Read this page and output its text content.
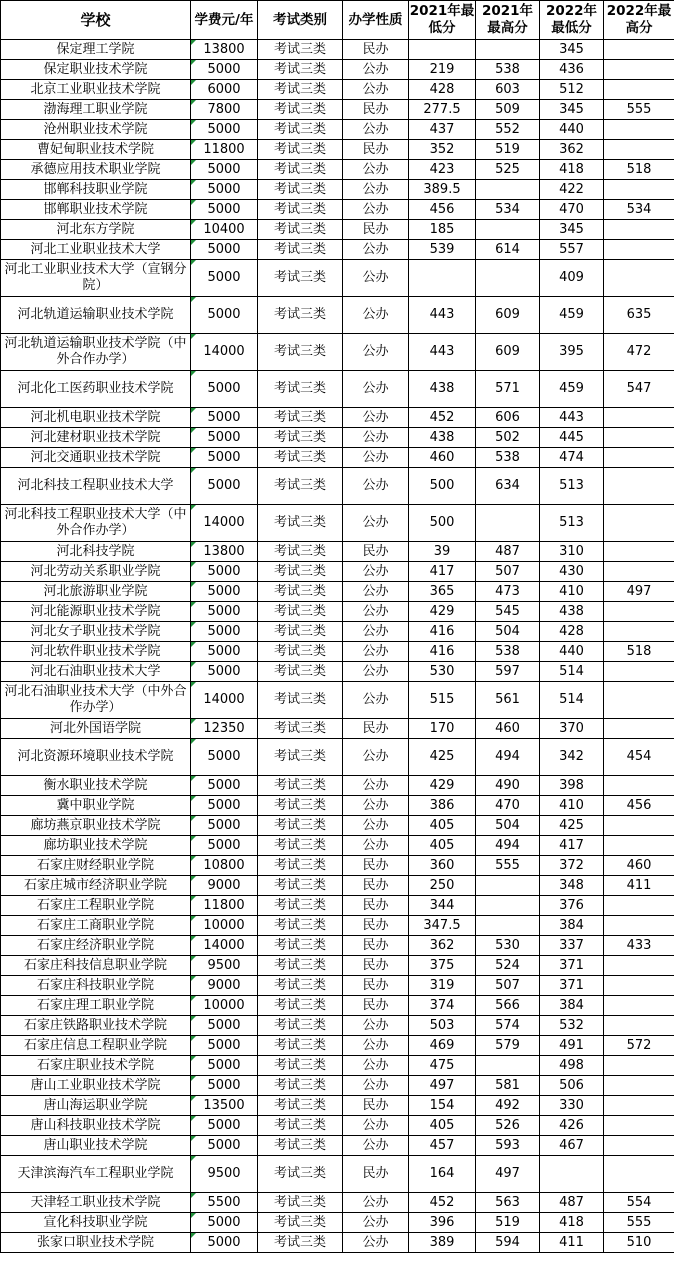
学校	学费元/年	考试类别	办学性质	2021年最低分	2021年最高分	2022年最低分	2022年最高分
保定理工学院	13800	考试三类	民办			345	
保定职业技术学院	5000	考试三类	公办	219	538	436	
北京工业职业技术学院	6000	考试三类	公办	428	603	512	
渤海理工职业学院	7800	考试三类	民办	277.5	509	345	555
沧州职业技术学院	5000	考试三类	公办	437	552	440	
曹妃甸职业技术学院	11800	考试三类	民办	352	519	362	
承德应用技术职业学院	5000	考试三类	公办	423	525	418	518
邯郸科技职业学院	5000	考试三类	公办	389.5		422	
邯郸职业技术学院	5000	考试三类	公办	456	534	470	534
河北东方学院	10400	考试三类	民办	185		345	
河北工业职业技术大学	5000	考试三类	公办	539	614	557	
河北工业职业技术大学（宣钢分院）	5000	考试三类	公办			409	
河北轨道运输职业技术学院	5000	考试三类	公办	443	609	459	635
河北轨道运输职业技术学院（中外合作办学）	14000	考试三类	公办	443	609	395	472
河北化工医药职业技术学院	5000	考试三类	公办	438	571	459	547
河北机电职业技术学院	5000	考试三类	公办	452	606	443	
河北建材职业技术学院	5000	考试三类	公办	438	502	445	
河北交通职业技术学院	5000	考试三类	公办	460	538	474	
河北科技工程职业技术大学	5000	考试三类	公办	500	634	513	
河北科技工程职业技术大学（中外合作办学）	14000	考试三类	公办	500		513	
河北科技学院	13800	考试三类	民办	39	487	310	
河北劳动关系职业学院	5000	考试三类	公办	417	507	430	
河北旅游职业学院	5000	考试三类	公办	365	473	410	497
河北能源职业技术学院	5000	考试三类	公办	429	545	438	
河北女子职业技术学院	5000	考试三类	公办	416	504	428	
河北软件职业技术学院	5000	考试三类	公办	416	538	440	518
河北石油职业技术大学	5000	考试三类	公办	530	597	514	
河北石油职业技术大学（中外合作办学）	14000	考试三类	公办	515	561	514	
河北外国语学院	12350	考试三类	民办	170	460	370	
河北资源环境职业技术学院	5000	考试三类	公办	425	494	342	454
衡水职业技术学院	5000	考试三类	公办	429	490	398	
冀中职业学院	5000	考试三类	公办	386	470	410	456
廊坊燕京职业技术学院	5000	考试三类	公办	405	504	425	
廊坊职业技术学院	5000	考试三类	公办	405	494	417	
石家庄财经职业学院	10800	考试三类	民办	360	555	372	460
石家庄城市经济职业学院	9000	考试三类	民办	250		348	411
石家庄工程职业学院	11800	考试三类	民办	344		376	
石家庄工商职业学院	10000	考试三类	民办	347.5		384	
石家庄经济职业学院	14000	考试三类	民办	362	530	337	433
石家庄科技信息职业学院	9500	考试三类	民办	375	524	371	
石家庄科技职业学院	9000	考试三类	民办	319	507	371	
石家庄理工职业学院	10000	考试三类	民办	374	566	384	
石家庄铁路职业技术学院	5000	考试三类	公办	503	574	532	
石家庄信息工程职业学院	5000	考试三类	公办	469	579	491	572
石家庄职业技术学院	5000	考试三类	公办	475		498	
唐山工业职业技术学院	5000	考试三类	公办	497	581	506	
唐山海运职业学院	13500	考试三类	民办	154	492	330	
唐山科技职业技术学院	5000	考试三类	公办	405	526	426	
唐山职业技术学院	5000	考试三类	公办	457	593	467	
天津滨海汽车工程职业学院	9500	考试三类	民办	164	497		
天津轻工职业技术学院	5500	考试三类	公办	452	563	487	554
宣化科技职业学院	5000	考试三类	公办	396	519	418	555
张家口职业技术学院	5000	考试三类	公办	389	594	411	510
